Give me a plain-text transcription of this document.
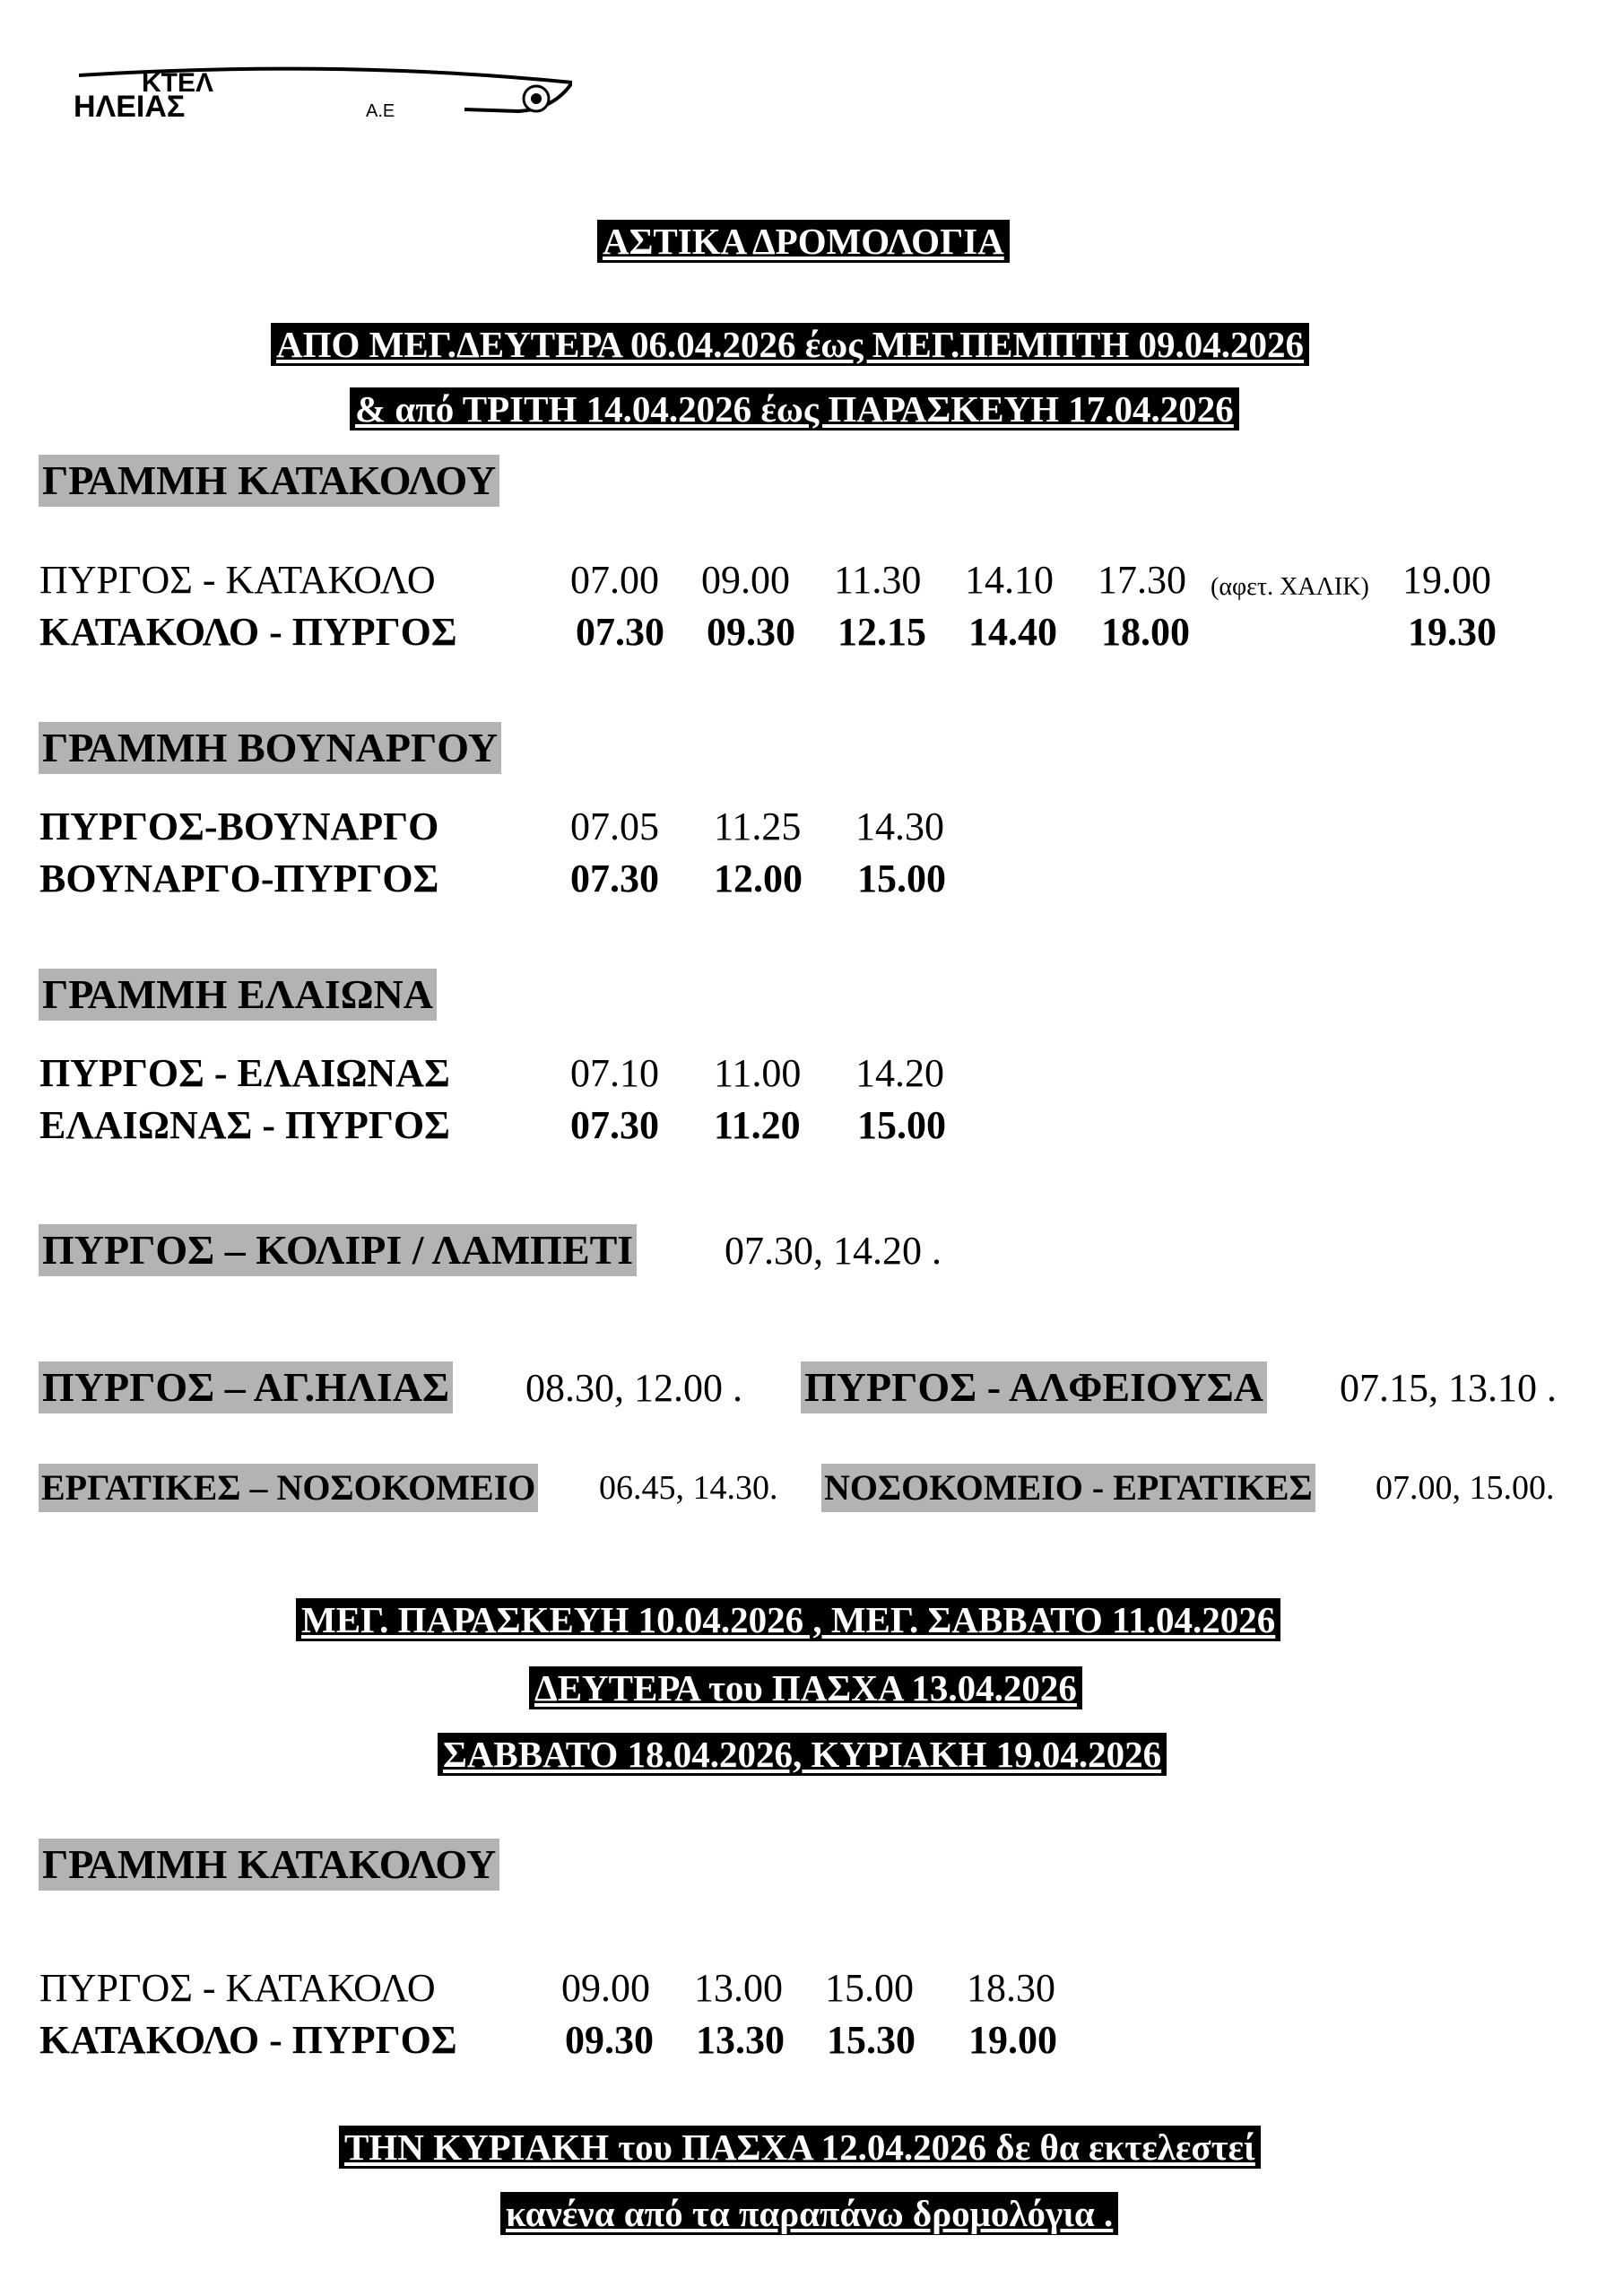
ΚΤΕΛ
ΗΛΕΙΑΣ	Α.Ε
ΑΣΤΙΚΑ ΔΡΟΜΟΛΟΓΙΑ
ΑΠΟ ΜΕΓ.ΔΕΥΤΕΡΑ 06.04.2026 έως ΜΕΓ.ΠΕΜΠΤΗ 09.04.2026
& από ΤΡΙΤΗ 14.04.2026 έως ΠΑΡΑΣΚΕΥΗ 17.04.2026
ΓΡΑΜΜΗ ΚΑΤΑΚΟΛΟΥ
ΠΥΡΓΟΣ - ΚΑΤΑΚΟΛΟ	07.00 09.00 11.30 14.10 17.30 (αφετ. ΧΑΛΙΚ) 19.00
ΚΑΤΑΚΟΛΟ - ΠΥΡΓΟΣ	07.30 09.30 12.15 14.40 18.00	19.30
ΓΡΑΜΜΗ ΒΟΥΝΑΡΓΟΥ
ΠΥΡΓΟΣ-ΒΟΥΝΑΡΓΟ	07.05 11.25 14.30
ΒΟΥΝΑΡΓΟ-ΠΥΡΓΟΣ	07.30 12.00 15.00
ΓΡΑΜΜΗ ΕΛΑΙΩΝΑ
ΠΥΡΓΟΣ - ΕΛΑΙΩΝΑΣ	07.10 11.00 14.20
ΕΛΑΙΩΝΑΣ - ΠΥΡΓΟΣ	07.30 11.20 15.00
ΠΥΡΓΟΣ – ΚΟΛΙΡΙ / ΛΑΜΠΕΤΙ 07.30, 14.20 .
ΠΥΡΓΟΣ – ΑΓ.ΗΛΙΑΣ 08.30, 12.00 . ΠΥΡΓΟΣ - ΑΛΦΕΙΟΥΣΑ 07.15, 13.10 .
ΕΡΓΑΤΙΚΕΣ – ΝΟΣΟΚΟΜΕΙΟ 06.45, 14.30. ΝΟΣΟΚΟΜΕΙΟ - ΕΡΓΑΤΙΚΕΣ 07.00, 15.00.
ΜΕΓ. ΠΑΡΑΣΚΕΥΗ 10.04.2026 , ΜΕΓ. ΣΑΒΒΑΤΟ 11.04.2026
ΔΕΥΤΕΡΑ του ΠΑΣΧΑ 13.04.2026
ΣΑΒΒΑΤΟ 18.04.2026, ΚΥΡΙΑΚΗ 19.04.2026
ΓΡΑΜΜΗ ΚΑΤΑΚΟΛΟΥ
ΠΥΡΓΟΣ - ΚΑΤΑΚΟΛΟ	09.00 13.00 15.00 18.30
ΚΑΤΑΚΟΛΟ - ΠΥΡΓΟΣ	09.30 13.30 15.30 19.00
ΤΗΝ ΚΥΡΙΑΚΗ του ΠΑΣΧΑ 12.04.2026 δε θα εκτελεστεί
κανένα από τα παραπάνω δρομολόγια .
